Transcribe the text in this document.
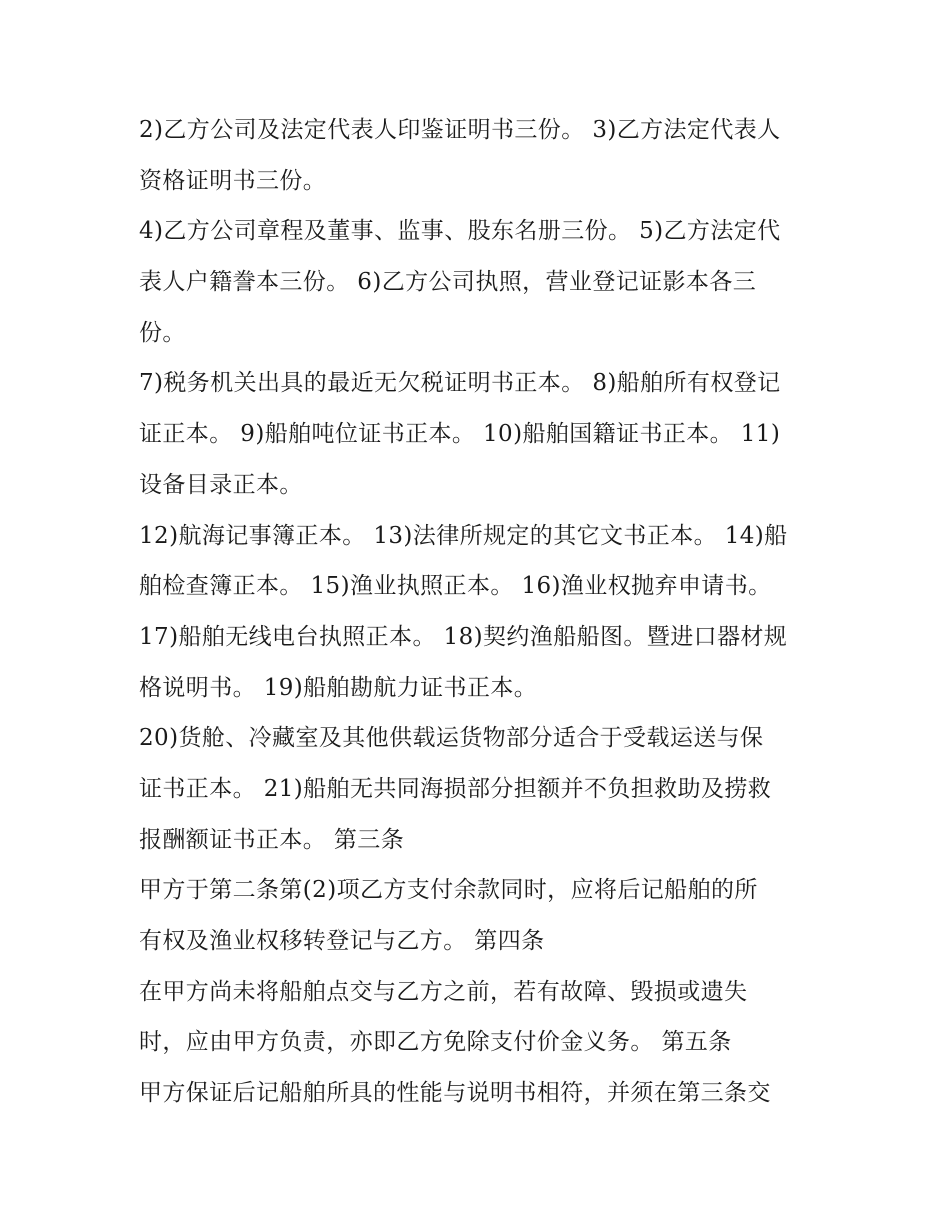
2)乙方公司及法定代表人印鉴证明书三份。 3)乙方法定代表人
资格证明书三份。
4)乙方公司章程及董事、监事、股东名册三份。 5)乙方法定代
表人户籍誊本三份。 6)乙方公司执照，营业登记证影本各三
份。
7)税务机关出具的最近无欠税证明书正本。 8)船舶所有权登记
证正本。 9)船舶吨位证书正本。 10)船舶国籍证书正本。 11)
设备目录正本。
12)航海记事簿正本。 13)法律所规定的其它文书正本。 14)船
舶检查簿正本。 15)渔业执照正本。 16)渔业权抛弃申请书。
17)船舶无线电台执照正本。 18)契约渔船船图。暨进口器材规
格说明书。 19)船舶勘航力证书正本。
20)货舱、冷藏室及其他供载运货物部分适合于受载运送与保
证书正本。 21)船舶无共同海损部分担额并不负担救助及捞救
报酬额证书正本。 第三条
甲方于第二条第(2)项乙方支付余款同时，应将后记船舶的所
有权及渔业权移转登记与乙方。 第四条
在甲方尚未将船舶点交与乙方之前，若有故障、毁损或遗失
时，应由甲方负责，亦即乙方免除支付价金义务。 第五条
甲方保证后记船舶所具的性能与说明书相符，并须在第三条交
